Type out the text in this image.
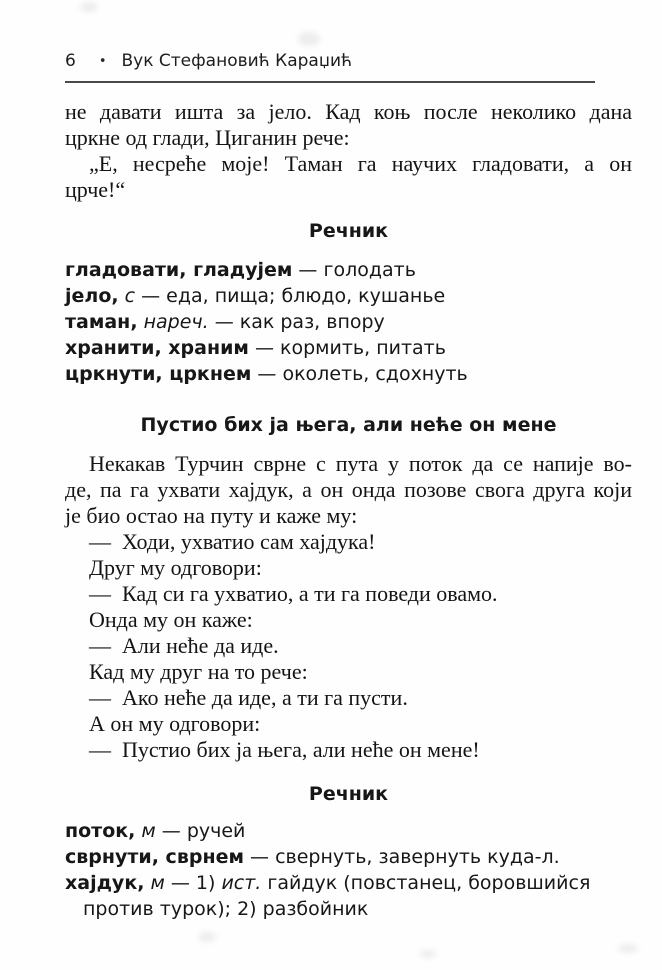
6 • Вук Стефановић Караџић
не давати ишта за јело. Кад коњ после неколико дана
цркне од глади, Циганин рече:
„Е, несреће моје! Таман га научих гладовати, а он
црче!“
Речник
гладовати, гладујем — голодать
јело, с — еда, пища; блюдо, кушанье
таман, нареч. — как раз, впору
хранити, храним — кормить, питать
цркнути, цркнем — околеть, сдохнуть
Пустио бих ја њега, али неће он мене
Некакав Турчин сврне с пута у поток да се напије во-
де, па га ухвати хајдук, а он онда позове свога друга који
је био остао на путу и каже му:
— Ходи, ухватио сам хајдука!
Друг му одговори:
— Кад си га ухватио, а ти га поведи овамо.
Онда му он каже:
— Али неће да иде.
Кад му друг на то рече:
— Ако неће да иде, а ти га пусти.
А он му одговори:
— Пустио бих ја њега, али неће он мене!
Речник
поток, м — ручей
сврнути, сврнем — свернуть, завернуть куда-л.
хајдук, м — 1) ист. гайдук (повстанец, боровшийся против турок); 2) разбойник
